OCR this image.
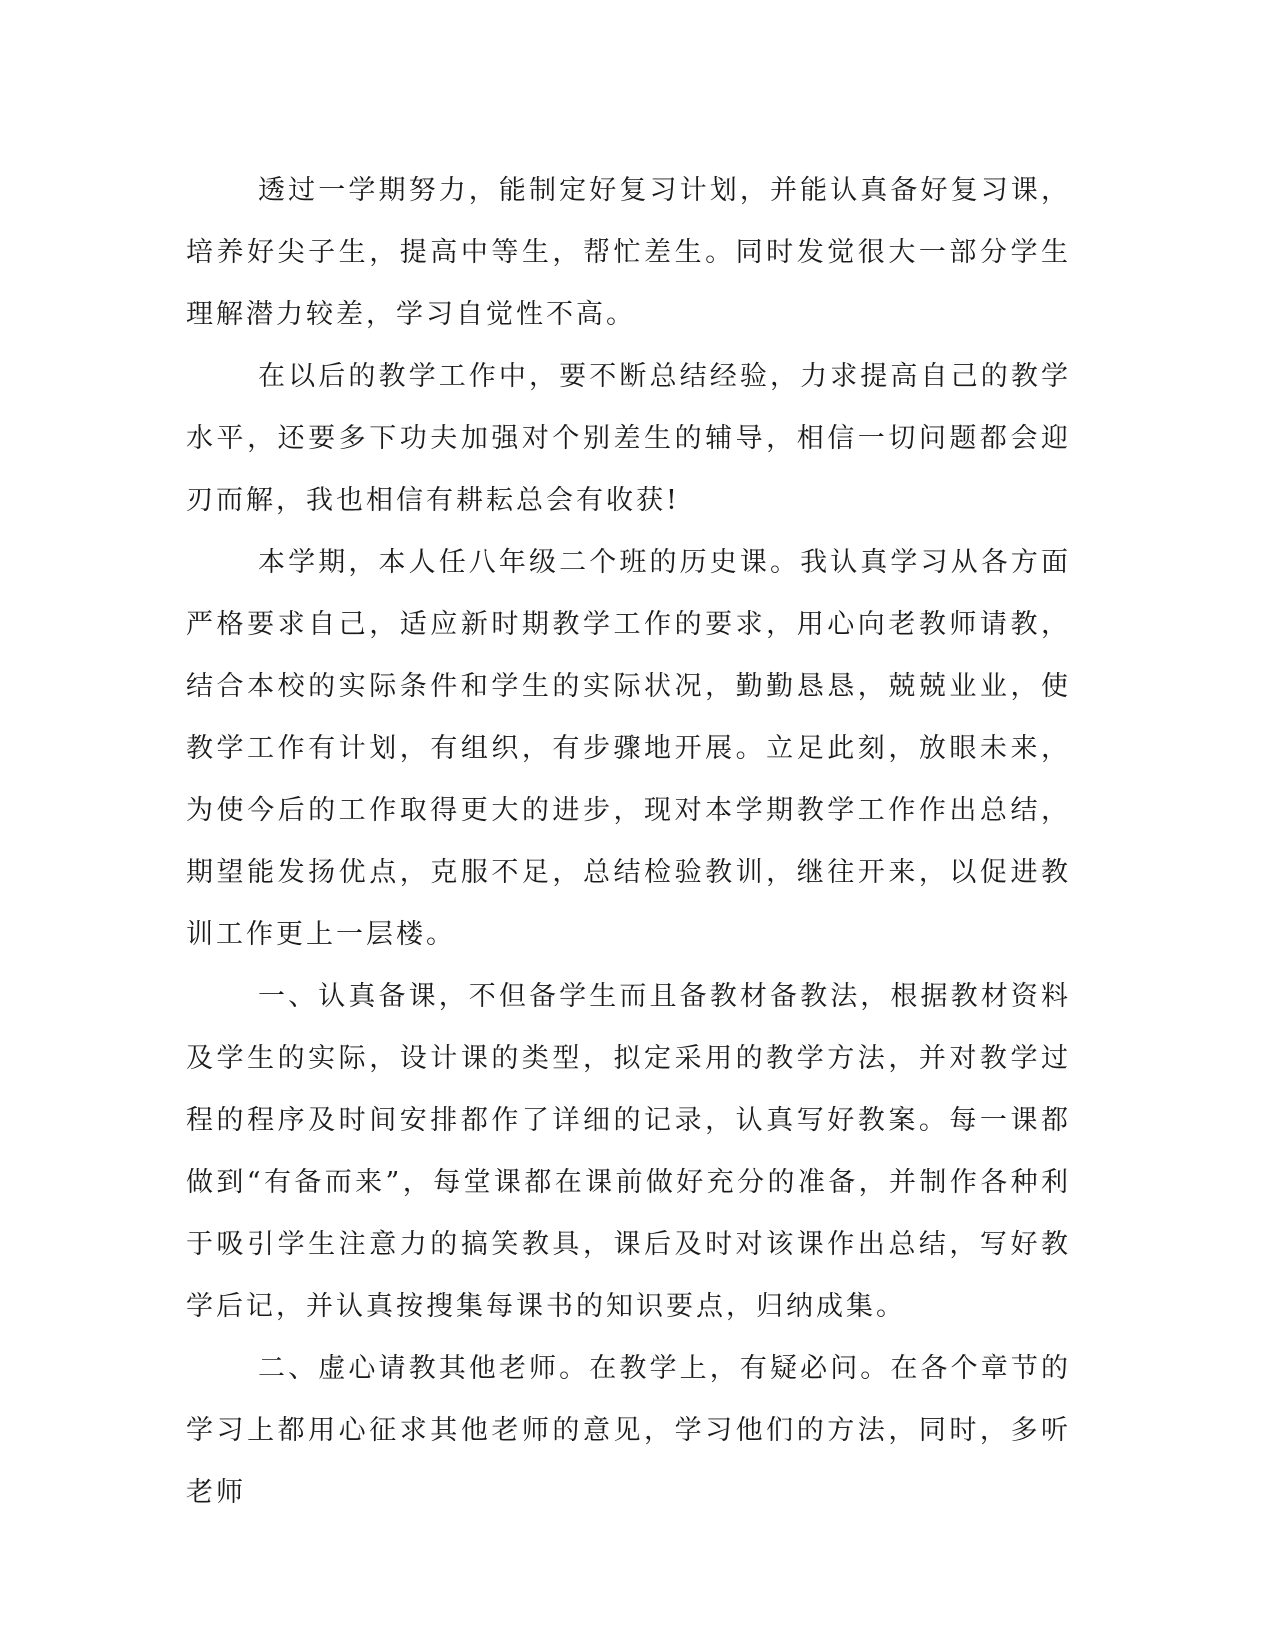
透过一学期努力，能制定好复习计划，并能认真备好复习课，培养好尖子生，提高中等生，帮忙差生。同时发觉很大一部分学生理解潜力较差，学习自觉性不高。

在以后的教学工作中，要不断总结经验，力求提高自己的教学水平，还要多下功夫加强对个别差生的辅导，相信一切问题都会迎刃而解，我也相信有耕耘总会有收获!

本学期，本人任八年级二个班的历史课。我认真学习从各方面严格要求自己，适应新时期教学工作的要求，用心向老教师请教，结合本校的实际条件和学生的实际状况，勤勤恳恳，兢兢业业，使教学工作有计划，有组织，有步骤地开展。立足此刻，放眼未来，为使今后的工作取得更大的进步，现对本学期教学工作作出总结，期望能发扬优点，克服不足，总结检验教训，继往开来，以促进教训工作更上一层楼。

一、认真备课，不但备学生而且备教材备教法，根据教材资料及学生的实际，设计课的类型，拟定采用的教学方法，并对教学过程的程序及时间安排都作了详细的记录，认真写好教案。每一课都做到“有备而来”，每堂课都在课前做好充分的准备，并制作各种利于吸引学生注意力的搞笑教具，课后及时对该课作出总结，写好教学后记，并认真按搜集每课书的知识要点，归纳成集。

二、虚心请教其他老师。在教学上，有疑必问。在各个章节的学习上都用心征求其他老师的意见，学习他们的方法，同时，多听老师
